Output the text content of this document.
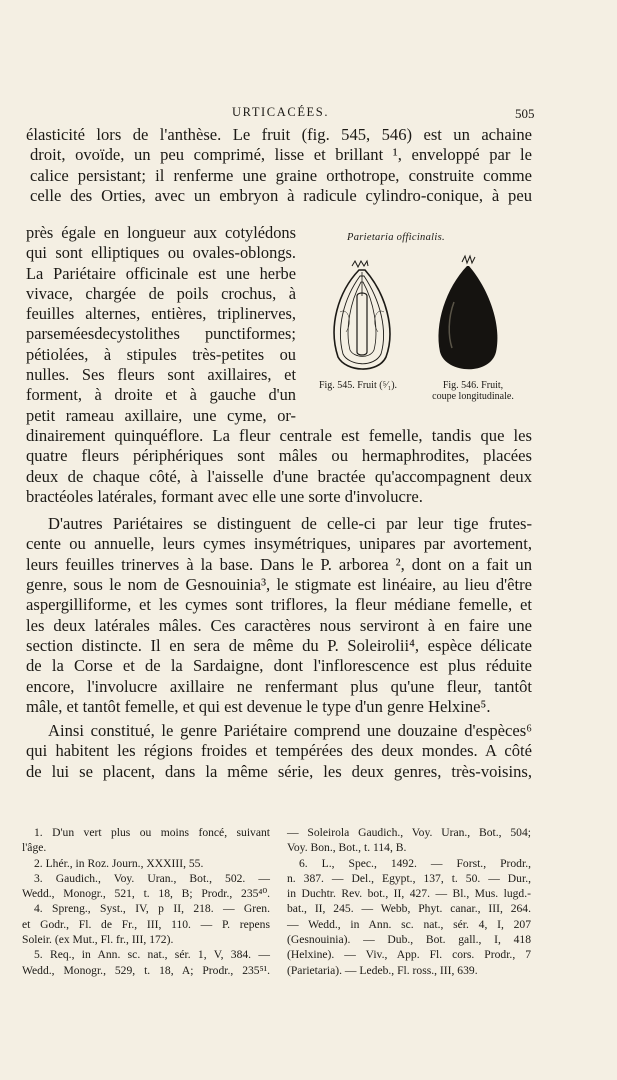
URTICACÉES.	505

élasticité lors de l'anthèse. Le fruit (fig. 545, 546) est un achaine

droit, ovoïde, un peu comprimé, lisse et brillant ¹, enveloppé par le

calice persistant; il renferme une graine orthotrope, construite comme

celle des Orties, avec un embryon à radicule cylindro-conique, à peu

près égale en longueur aux cotylédons

qui sont elliptiques ou ovales-oblongs.

La Pariétaire officinale est une herbe

vivace, chargée de poils crochus, à

feuilles alternes, entières, triplinerves,

parseméesdecystolithes punctiformes;

pétiolées, à stipules très-petites ou

nulles. Ses fleurs sont axillaires, et

forment, à droite et à gauche d'un

petit rameau axillaire, une cyme, or-

Parietaria officinalis.
Fig. 545. Fruit (⁵⁄₁).	Fig. 546. Fruit,
coupe longitudinale.

dinairement quinquéflore. La fleur centrale est femelle, tandis que les

quatre fleurs périphériques sont mâles ou hermaphrodites, placées

deux de chaque côté, à l'aisselle d'une bractée qu'accompagnent deux

bractéoles latérales, formant avec elle une sorte d'involucre.

D'autres Pariétaires se distinguent de celle-ci par leur tige frutes-

cente ou annuelle, leurs cymes insymétriques, unipares par avortement,

leurs feuilles trinerves à la base. Dans le P. arborea ², dont on a fait un

genre, sous le nom de Gesnouinia³, le stigmate est linéaire, au lieu d'être

aspergilliforme, et les cymes sont triflores, la fleur médiane femelle, et

les deux latérales mâles. Ces caractères nous serviront à en faire une

section distincte. Il en sera de même du P. Soleirolii⁴, espèce délicate

de la Corse et de la Sardaigne, dont l'inflorescence est plus réduite

encore, l'involucre axillaire ne renfermant plus qu'une fleur, tantôt

mâle, et tantôt femelle, et qui est devenue le type d'un genre Helxine⁵.

Ainsi constitué, le genre Pariétaire comprend une douzaine d'espèces⁶

qui habitent les régions froides et tempérées des deux mondes. A côté

de lui se placent, dans la même série, les deux genres, très-voisins,

1. D'un vert plus ou moins foncé, suivant

l'âge.

2. Lhér., in Roz. Journ., XXXIII, 55.

3. Gaudich., Voy. Uran., Bot., 502. —

Wedd., Monogr., 521, t. 18, B; Prodr., 235⁴⁰.

4. Spreng., Syst., IV, p II, 218. — Gren.

et Godr., Fl. de Fr., III, 110. — P. repens

Soleir. (ex Mut., Fl. fr., III, 172).

5. Req., in Ann. sc. nat., sér. 1, V, 384. —

Wedd., Monogr., 529, t. 18, A; Prodr., 235⁵¹.

— Soleirola Gaudich., Voy. Uran., Bot., 504;

Voy. Bon., Bot., t. 114, B.

6. L., Spec., 1492. — Forst., Prodr.,

n. 387. — Del., Egypt., 137, t. 50. — Dur.,

in Duchtr. Rev. bot., II, 427. — Bl., Mus. lugd.-

bat., II, 245. — Webb, Phyt. canar., III, 264.

— Wedd., in Ann. sc. nat., sér. 4, I, 207

(Gesnouinia). — Dub., Bot. gall., I, 418

(Helxine). — Viv., App. Fl. cors. Prodr., 7

(Parietaria). — Ledeb., Fl. ross., III, 639.
